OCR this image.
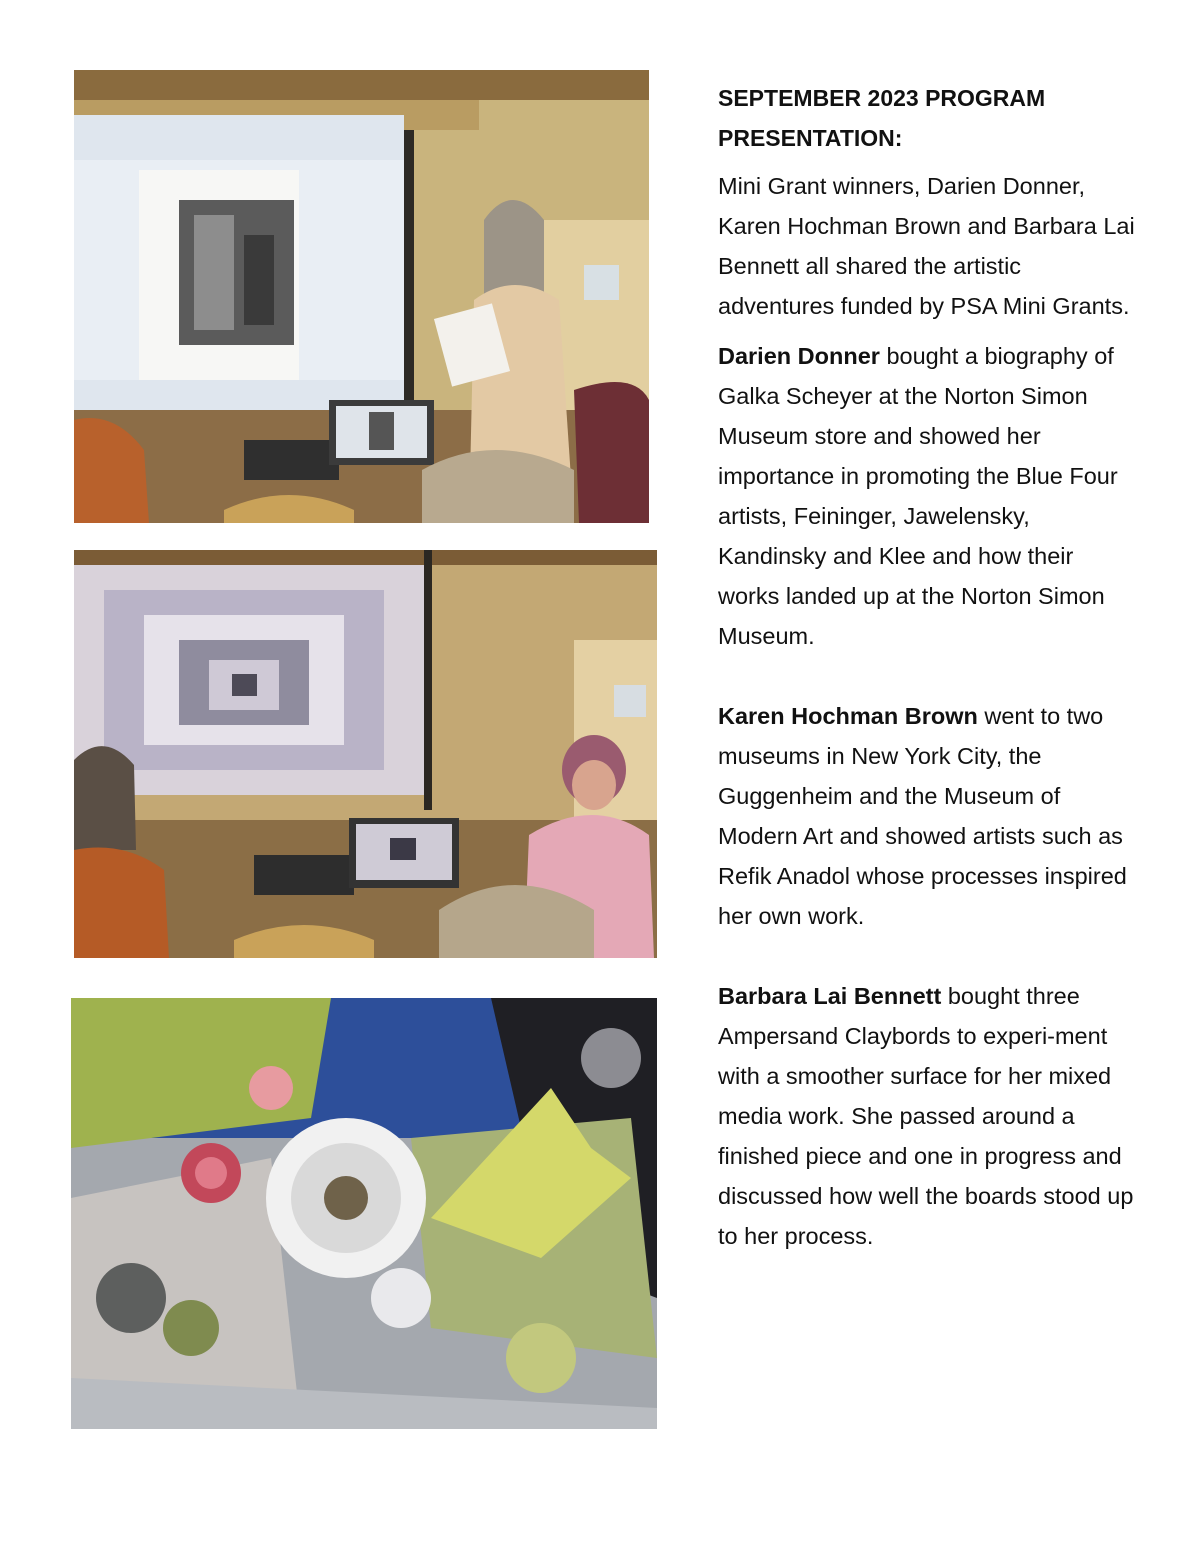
SEPTEMBER 2023 PROGRAM PRESENTATION:

Mini Grant winners, Darien Donner, Karen Hochman Brown and Barbara Lai Bennett all shared the artistic adventures funded by PSA Mini Grants.

Darien Donner bought a biography of Galka Scheyer at the Norton Simon Museum store and showed her importance in promoting the Blue Four artists, Feininger, Jawelensky, Kandinsky and Klee and how their works landed up at the Norton Simon Museum.

Karen Hochman Brown went to two museums in New York City, the Guggenheim and the Museum of Modern Art and showed artists such as Refik Anadol whose processes inspired her own work.

Barbara Lai Bennett bought three Ampersand Claybords to experi-ment with a smoother surface for her mixed media work. She passed around a finished piece and one in progress and discussed how well the boards stood up to her process.
